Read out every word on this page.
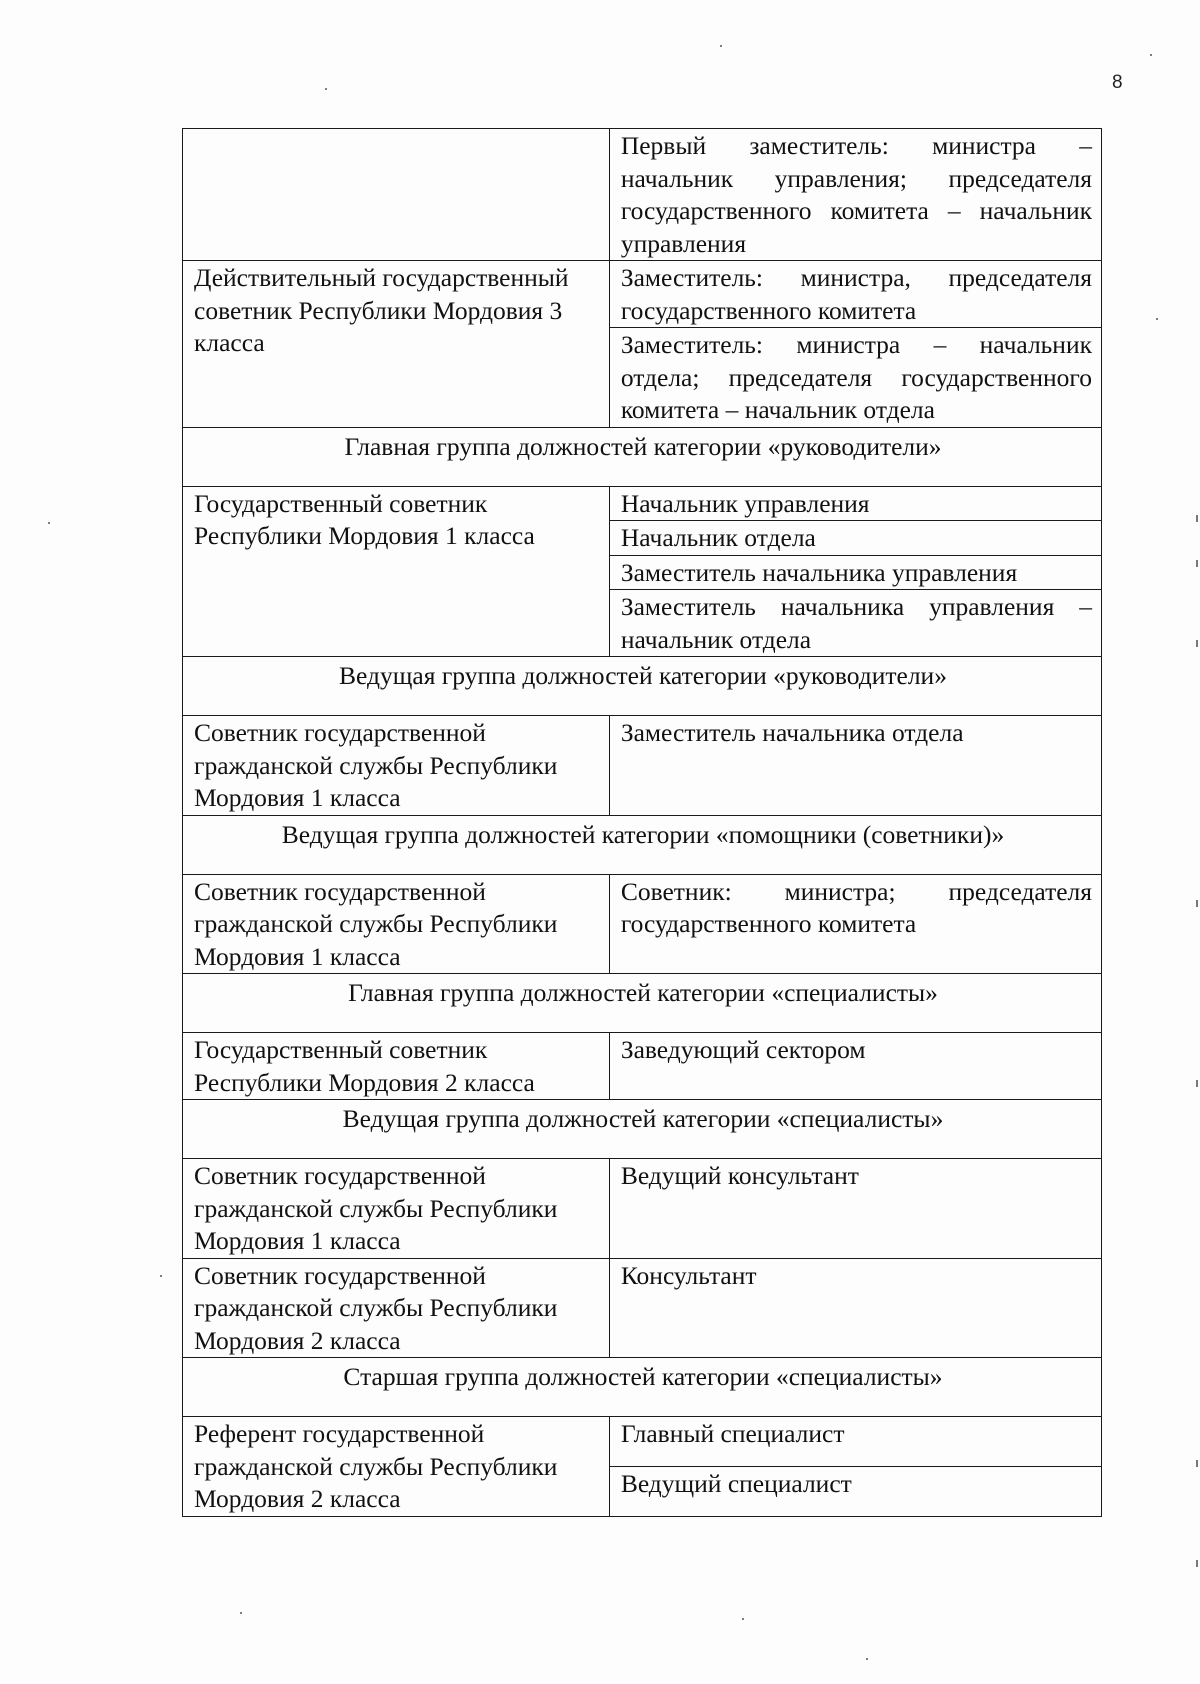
8
	Первый заместитель: министра – начальник управления; председателя государственного комитета – начальник управления
Действительный государственный советник Республики Мордовия 3 класса	Заместитель: министра, председателя государственного комитета
	Заместитель: министра – начальник отдела; председателя государственного комитета – начальник отдела
Главная группа должностей категории «руководители»	
Государственный советник Республики Мордовия 1 класса	Начальник управления
	Начальник отдела
	Заместитель начальника управления
	Заместитель начальника управления – начальник отдела
Ведущая группа должностей категории «руководители»	
Советник государственной гражданской службы Республики Мордовия 1 класса	Заместитель начальника отдела
Ведущая группа должностей категории «помощники (советники)»	
Советник государственной гражданской службы Республики Мордовия 1 класса	Советник: министра; председателя государственного комитета
Главная группа должностей категории «специалисты»	
Государственный советник Республики Мордовия 2 класса	Заведующий сектором
Ведущая группа должностей категории «специалисты»	
Советник государственной гражданской службы Республики Мордовия 1 класса	Ведущий консультант
Советник государственной гражданской службы Республики Мордовия 2 класса	Консультант
Старшая группа должностей категории «специалисты»	
Референт государственной гражданской службы Республики Мордовия 2 класса	Главный специалист
	Ведущий специалист
